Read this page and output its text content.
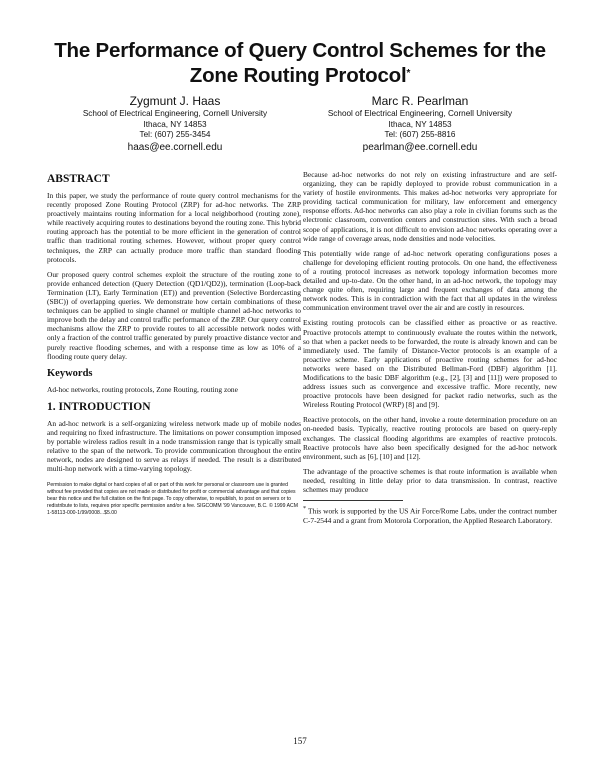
The Performance of Query Control Schemes for the
Zone Routing Protocol*
Zygmunt J. Haas
School of Electrical Engineering, Cornell University
Ithaca, NY 14853
Tel: (607) 255-3454
haas@ee.cornell.edu
Marc R. Pearlman
School of Electrical Engineering, Cornell University
Ithaca, NY 14853
Tel: (607) 255-8816
pearlman@ee.cornell.edu
ABSTRACT

In this paper, we study the performance of route query control mechanisms for the recently proposed Zone Routing Protocol (ZRP) for ad-hoc networks. The ZRP proactively maintains routing information for a local neighborhood (routing zone), while reactively acquiring routes to destinations beyond the routing zone. This hybrid routing approach has the potential to be more efficient in the generation of control traffic than traditional routing schemes. However, without proper query control techniques, the ZRP can actually produce more traffic than standard flooding protocols.

Our proposed query control schemes exploit the structure of the routing zone to provide enhanced detection (Query Detection (QD1/QD2)), termination (Loop-back Termination (LT), Early Termination (ET)) and prevention (Selective Bordercasting (SBC)) of overlapping queries. We demonstrate how certain combinations of these techniques can be applied to single channel or multiple channel ad-hoc networks to improve both the delay and control traffic performance of the ZRP. Our query control mechanisms allow the ZRP to provide routes to all accessible network nodes with only a fraction of the control traffic generated by purely proactive distance vector and purely reactive flooding schemes, and with a response time as low as 10% of a flooding route query delay.

Keywords

Ad-hoc networks, routing protocols, Zone Routing, routing zone

1. INTRODUCTION

An ad-hoc network is a self-organizing wireless network made up of mobile nodes and requiring no fixed infrastructure. The limitations on power consumption imposed by portable wireless radios result in a node transmission range that is typically small relative to the span of the network. To provide communication throughout the entire network, nodes are designed to serve as relays if needed. The result is a distributed multi-hop network with a time-varying topology.

Permission to make digital or hard copies of all or part of this work for personal or classroom use is granted without fee provided that copies are not made or distributed for profit or commercial advantage and that copies bear this notice and the full citation on the first page. To copy otherwise, to republish, to post on servers or to redistribute to lists, requires prior specific permission and/or a fee. SIGCOMM '99 Vancouver, B.C. © 1999 ACM 1-58113-000-1/99/0008...$5.00

Because ad-hoc networks do not rely on existing infrastructure and are self-organizing, they can be rapidly deployed to provide robust communication in a variety of hostile environments. This makes ad-hoc networks very appropriate for providing tactical communication for military, law enforcement and emergency response efforts. Ad-hoc networks can also play a role in civilian forums such as the electronic classroom, convention centers and construction sites. With such a broad scope of applications, it is not difficult to envision ad-hoc networks operating over a wide range of coverage areas, node densities and node velocities.

This potentially wide range of ad-hoc network operating configurations poses a challenge for developing efficient routing protocols. On one hand, the effectiveness of a routing protocol increases as network topology information becomes more detailed and up-to-date. On the other hand, in an ad-hoc network, the topology may change quite often, requiring large and frequent exchanges of data among the network nodes. This is in contradiction with the fact that all updates in the wireless communication environment travel over the air and are costly in resources.

Existing routing protocols can be classified either as proactive or as reactive. Proactive protocols attempt to continuously evaluate the routes within the network, so that when a packet needs to be forwarded, the route is already known and can be immediately used. The family of Distance-Vector protocols is an example of a proactive scheme. Early applications of proactive routing schemes for ad-hoc networks were based on the Distributed Bellman-Ford (DBF) algorithm [1]. Modifications to the basic DBF algorithm (e.g., [2], [3] and [11]) were proposed to address issues such as convergence and excessive traffic. More recently, new proactive protocols have been designed for packet radio networks, such as the Wireless Routing Protocol (WRP) [8] and [9].

Reactive protocols, on the other hand, invoke a route determination procedure on an on-needed basis. Typically, reactive routing protocols are based on query-reply exchanges. The classical flooding algorithms are examples of reactive protocols. Reactive protocols have also been specifically designed for the ad-hoc network environment, such as [6], [10] and [12].

The advantage of the proactive schemes is that route information is available when needed, resulting in little delay prior to data transmission. In contrast, reactive schemes may produce

* This work is supported by the US Air Force/Rome Labs, under the contract number C-7-2544 and a grant from Motorola Corporation, the Applied Research Laboratory.
157
